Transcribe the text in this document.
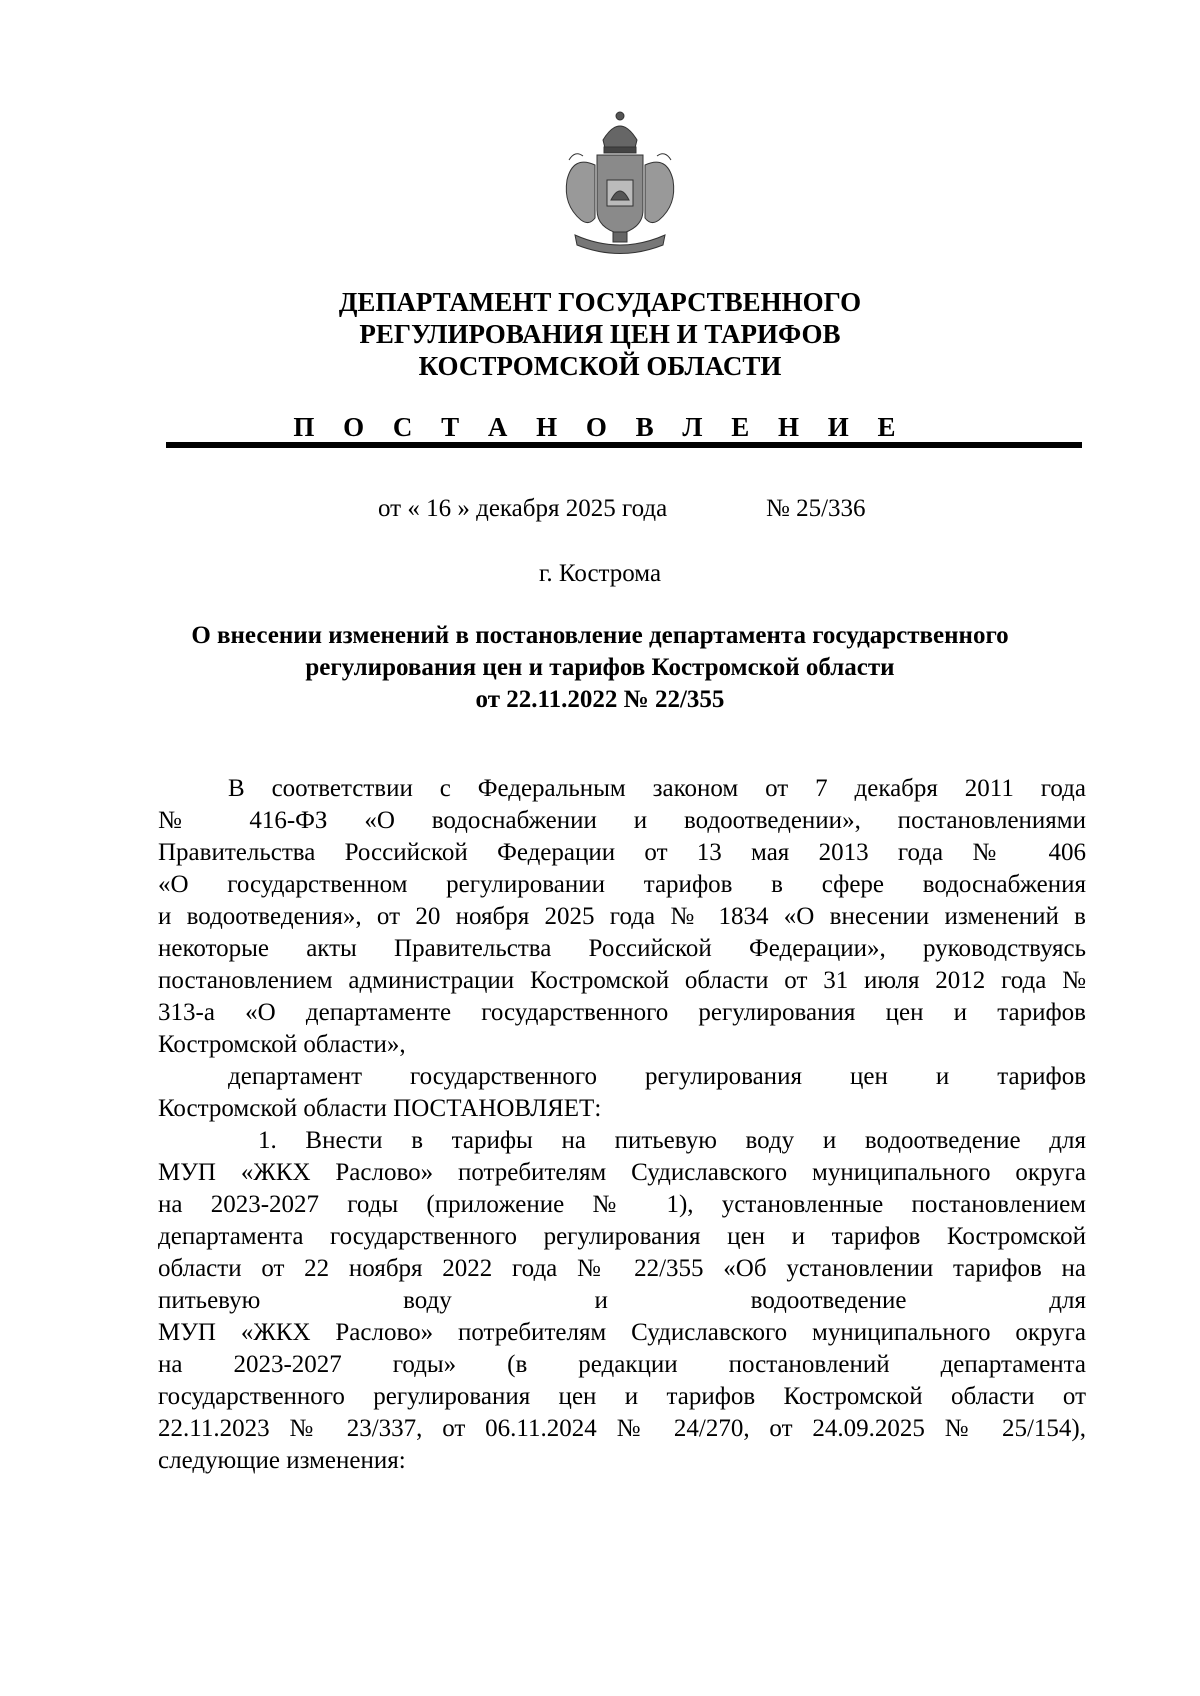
ДЕПАРТАМЕНТ ГОСУДАРСТВЕННОГО
РЕГУЛИРОВАНИЯ ЦЕН И ТАРИФОВ
КОСТРОМСКОЙ ОБЛАСТИ
П О С Т А Н О В Л Е Н И Е
от « 16 » декабря 2025 года	№ 25/336
г. Кострома
О внесении изменений в постановление департамента государственного
регулирования цен и тарифов Костромской области
от 22.11.2022 № 22/355
В соответствии с Федеральным законом от 7 декабря 2011 года
№ 416-ФЗ «О водоснабжении и водоотведении», постановлениями
Правительства Российской Федерации от 13 мая 2013 года № 406
«О государственном регулировании тарифов в сфере водоснабжения
и водоотведения», от 20 ноября 2025 года № 1834 «О внесении изменений в
некоторые акты Правительства Российской Федерации», руководствуясь
постановлением администрации Костромской области от 31 июля 2012 года №
313-а «О департаменте государственного регулирования цен и тарифов
Костромской области»,
департамент государственного регулирования цен и тарифов
Костромской области ПОСТАНОВЛЯЕТ:
1. Внести в тарифы на питьевую воду и водоотведение для
МУП «ЖКХ Раслово» потребителям Судиславского муниципального округа
на 2023-2027 годы (приложение № 1), установленные постановлением
департамента государственного регулирования цен и тарифов Костромской
области от 22 ноября 2022 года № 22/355 «Об установлении тарифов на
питьевую воду и водоотведение для
МУП «ЖКХ Раслово» потребителям Судиславского муниципального округа
на 2023-2027 годы» (в редакции постановлений департамента
государственного регулирования цен и тарифов Костромской области от
22.11.2023 № 23/337, от 06.11.2024 № 24/270, от 24.09.2025 № 25/154),
следующие изменения:
